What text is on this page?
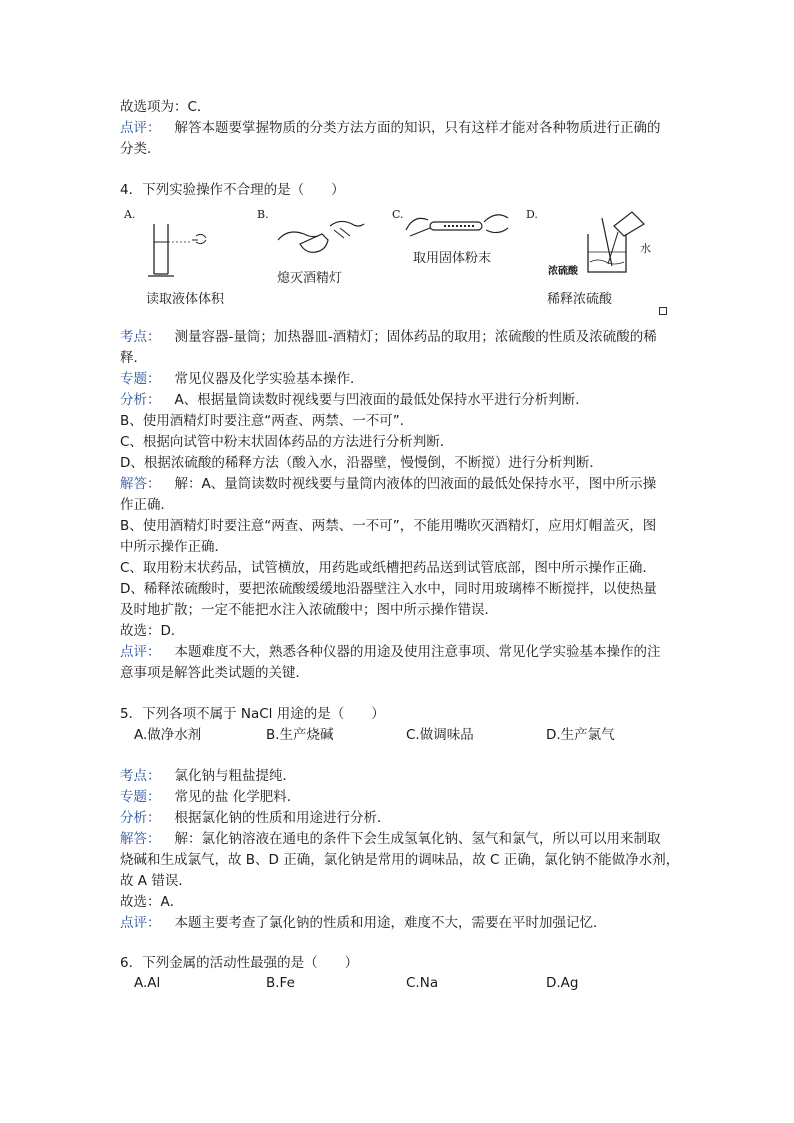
故选项为：C．
点评： 解答本题要掌握物质的分类方法方面的知识，只有这样才能对各种物质进行正确的
分类．
4．下列实验操作不合理的是（　　）
A.	B.	C.	D.
读取液体体积
熄灭酒精灯
取用固体粉末
水
浓硫酸
稀释浓硫酸
考点： 测量容器-量筒；加热器皿-酒精灯；固体药品的取用；浓硫酸的性质及浓硫酸的稀
释．
专题： 常见仪器及化学实验基本操作．
分析： A、根据量筒读数时视线要与凹液面的最低处保持水平进行分析判断．
B、使用酒精灯时要注意“两查、两禁、一不可”．
C、根据向试管中粉末状固体药品的方法进行分析判断．
D、根据浓硫酸的稀释方法（酸入水，沿器壁，慢慢倒，不断搅）进行分析判断．
解答： 解：A、量筒读数时视线要与量筒内液体的凹液面的最低处保持水平，图中所示操
作正确．
B、使用酒精灯时要注意“两查、两禁、一不可”，不能用嘴吹灭酒精灯，应用灯帽盖灭，图
中所示操作正确．
C、取用粉末状药品，试管横放，用药匙或纸槽把药品送到试管底部，图中所示操作正确．
D、稀释浓硫酸时，要把浓硫酸缓缓地沿器壁注入水中，同时用玻璃棒不断搅拌，以使热量
及时地扩散；一定不能把水注入浓硫酸中；图中所示操作错误．
故选：D．
点评： 本题难度不大，熟悉各种仪器的用途及使用注意事项、常见化学实验基本操作的注
意事项是解答此类试题的关键．
5．下列各项不属于 NaCl 用途的是（　　）
A.做净水剂	B.生产烧碱	C.做调味品	D.生产氯气
考点： 氯化钠与粗盐提纯．
专题： 常见的盐 化学肥料．
分析： 根据氯化钠的性质和用途进行分析．
解答： 解：氯化钠溶液在通电的条件下会生成氢氧化钠、氢气和氯气，所以可以用来制取
烧碱和生成氯气，故 B、D 正确，氯化钠是常用的调味品，故 C 正确，氯化钠不能做净水剂，
故 A 错误．
故选：A．
点评： 本题主要考查了氯化钠的性质和用途，难度不大，需要在平时加强记忆．
6．下列金属的活动性最强的是（　　）
A.Al	B.Fe	C.Na	D.Ag
